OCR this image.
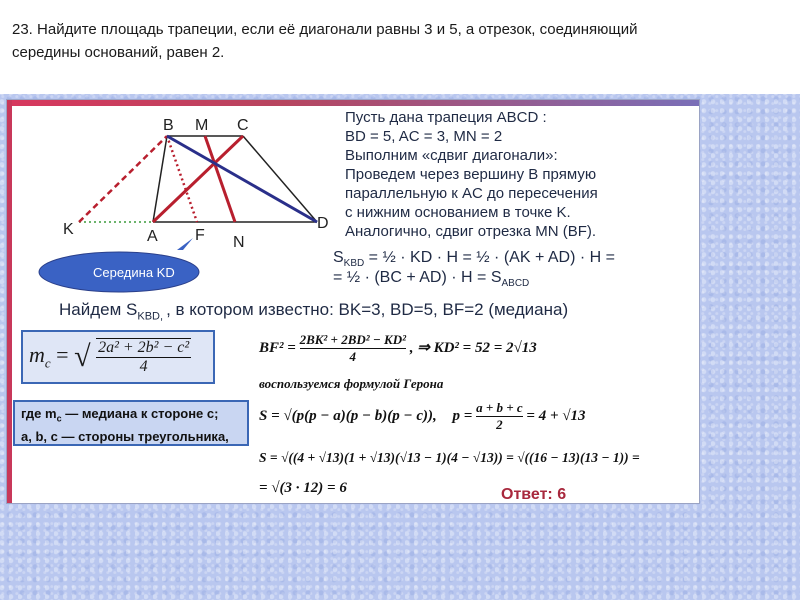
23. Найдите площадь трапеции, если её диагонали равны 3 и 5, а отрезок, соединяющий
середины оснований, равен 2.
B M C
K	A F N
D
Середина KD
Пусть дана трапеция ABCD :
BD = 5, AC = 3, MN = 2
Выполним «сдвиг диагонали»:
Проведем через вершину B прямую
параллельную к AC до пересечения
с нижним основанием в точке K.
Аналогично, сдвиг отрезка MN (BF).
$S_{KBD}$ = ½ · KD · H = ½ · (AK + AD) · H =
= ½ · $(BC + AD) \cdot H = S_{ABCD}$
Найдем $S_{KBD,}$ , в котором известно: BK=3, BD=5, BF=2 (медиана)
$m_c$ = √ $\frac{\text{2a² + 2b² − c²}}{4}$
где $m_c$ — медиана к стороне c;
a, b, c — стороны треугольника,
$BF^2 = \frac{\text{2BK² + 2BD² − KD²}}{4}$ , ⇒ KD² = 52 = 2√13
воспользуемся формулой Герона
S = √(p(p − a)(p − b)(p − c)), $p = \frac{a + b + c}{2} = 4 + √13$
S = √((4 + √13)(1 + √13)(√13 − 1)(4 − √13)) = √((16 − 13)(13 − 1)) =
= √(3 · 12) = 6	Ответ: 6
